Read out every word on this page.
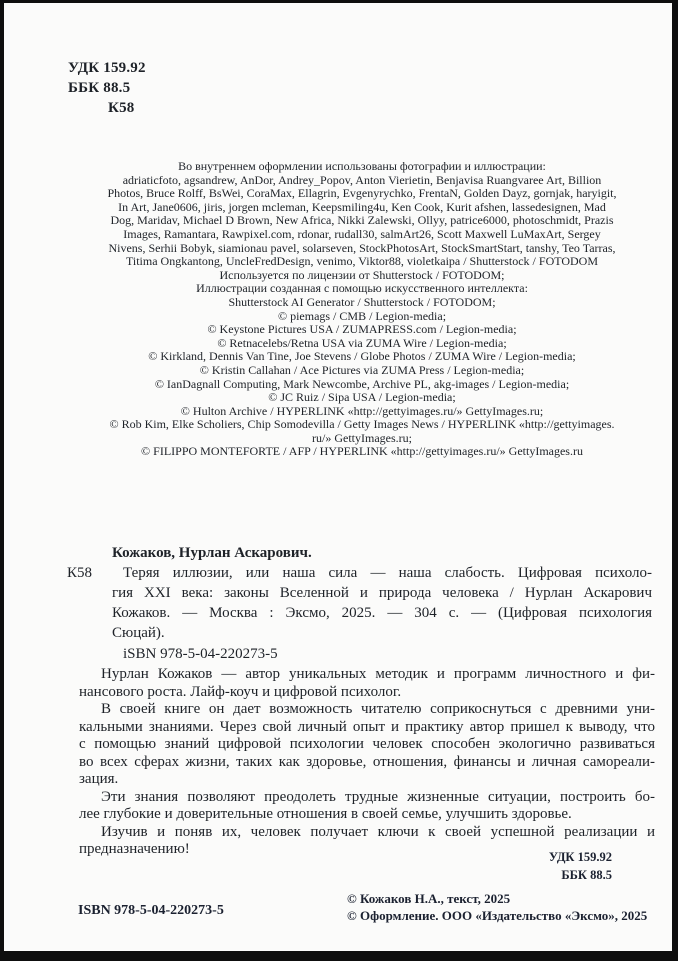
УДК 159.92
ББК 88.5
К58
Во внутреннем оформлении использованы фотографии и иллюстрации:
adriaticfoto, agsandrew, AnDor, Andrey_Popov, Anton Vierietin, Benjavisa Ruangvaree Art, Billion
Photos, Bruce Rolff, BsWei, CoraMax, Ellagrin, Evgenyrychko, FrentaN, Golden Dayz, gornjak, haryigit,
In Art, Jane0606, jiris, jorgen mcleman, Keepsmiling4u, Ken Cook, Kurit afshen, lassedesignen, Mad
Dog, Maridav, Michael D Brown, New Africa, Nikki Zalewski, Ollyy, patrice6000, photoschmidt, Prazis
Images, Ramantara, Rawpixel.com, rdonar, rudall30, salmArt26, Scott Maxwell LuMaxArt, Sergey
Nivens, Serhii Bobyk, siamionau pavel, solarseven, StockPhotosArt, StockSmartStart, tanshy, Teo Tarras,
Titima Ongkantong, UncleFredDesign, venimo, Viktor88, violetkaipa / Shutterstock / FOTODOM
Используется по лицензии от Shutterstock / FOTODOM;
Иллюстрации созданная с помощью искусственного интеллекта:
Shutterstock AI Generator / Shutterstock / FOTODOM;
© piemags / CMB / Legion-media;
© Keystone Pictures USA / ZUMAPRESS.com / Legion-media;
© Retnacelebs/Retna USA via ZUMA Wire / Legion-media;
© Kirkland, Dennis Van Tine, Joe Stevens / Globe Photos / ZUMA Wire / Legion-media;
© Kristin Callahan / Ace Pictures via ZUMA Press / Legion-media;
© IanDagnall Computing, Mark Newcombe, Archive PL, akg-images / Legion-media;
© JC Ruiz / Sipa USA / Legion-media;
© Hulton Archive / HYPERLINK «http://gettyimages.ru/» GettyImages.ru;
© Rob Kim, Elke Scholiers, Chip Somodevilla / Getty Images News / HYPERLINK «http://gettyimages.
ru/» GettyImages.ru;
© FILIPPO MONTEFORTE / AFP / HYPERLINK «http://gettyimages.ru/» GettyImages.ru
К58
Кожаков, Нурлан Аскарович.
Теряя иллюзии, или наша сила — наша слабость. Цифровая психоло-
гия XXI века: законы Вселенной и природа человека / Нурлан Аскарович
Кожаков. — Москва : Эксмо, 2025. — 304 с. — (Цифровая психология
Сюцай).
iSBN 978-5-04-220273-5
Нурлан Кожаков — автор уникальных методик и программ личностного и фи-
нансового роста. Лайф-коуч и цифровой психолог.
В своей книге он дает возможность читателю соприкоснуться с древними уни-
кальными знаниями. Через свой личный опыт и практику автор пришел к выводу, что
с помощью знаний цифровой психологии человек способен экологично развиваться
во всех сферах жизни, таких как здоровье, отношения, финансы и личная самореали-
зация.
Эти знания позволяют преодолеть трудные жизненные ситуации, построить бо-
лее глубокие и доверительные отношения в своей семье, улучшить здоровье.
Изучив и поняв их, человек получает ключи к своей успешной реализации и
предназначению!	УДК 159.92
ББК 88.5
ISBN 978-5-04-220273-5
© Кожаков Н.А., текст, 2025
© Оформление. ООО «Издательство «Эксмо», 2025
